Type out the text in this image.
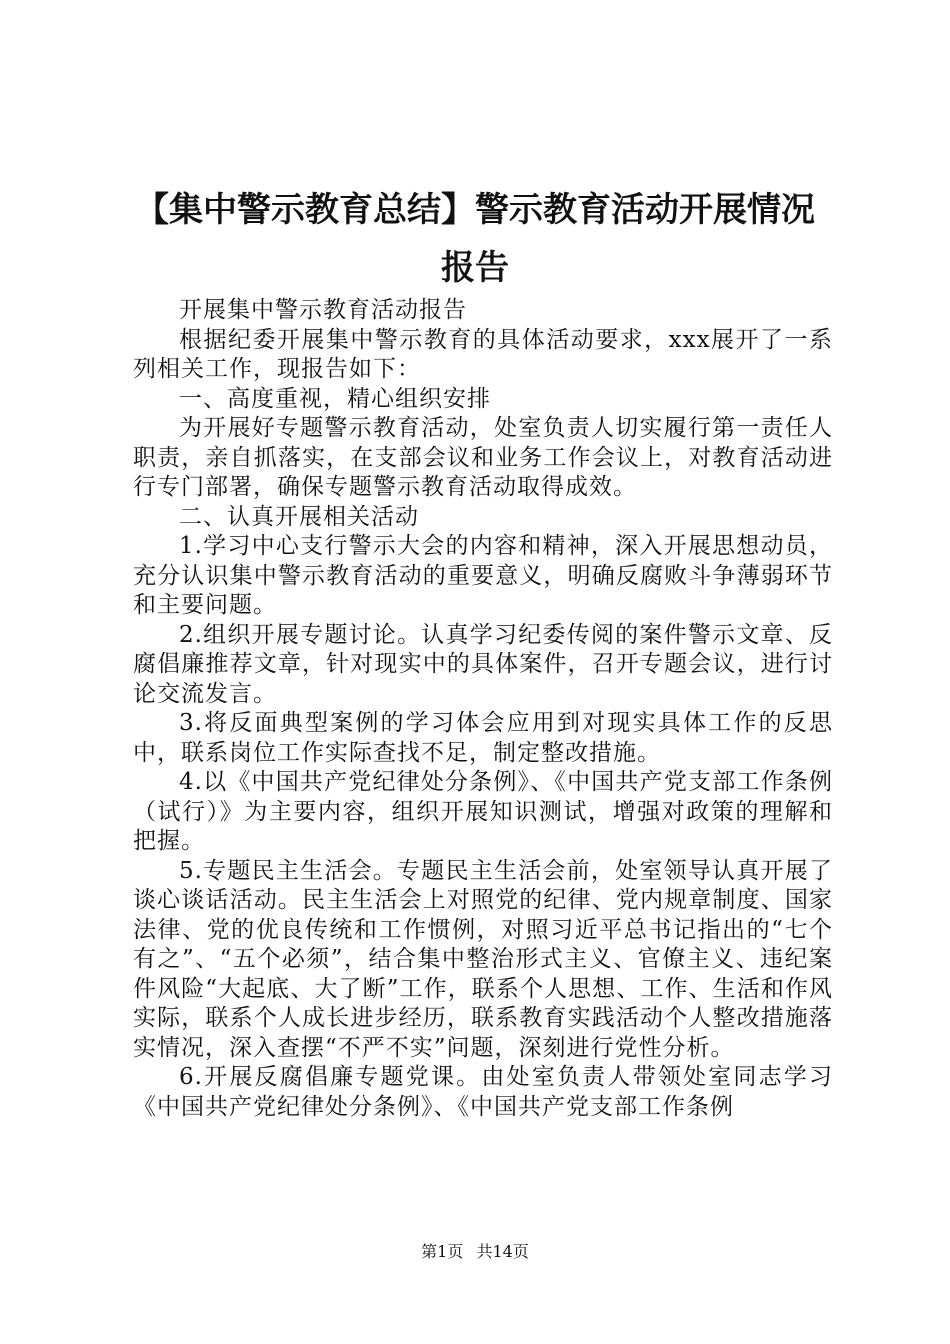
【集中警示教育总结】警示教育活动开展情况
报告

开展集中警示教育活动报告

根据纪委开展集中警示教育的具体活动要求，xxx展开了一系列相关工作，现报告如下：

一、高度重视，精心组织安排

为开展好专题警示教育活动，处室负责人切实履行第一责任人职责，亲自抓落实，在支部会议和业务工作会议上，对教育活动进行专门部署，确保专题警示教育活动取得成效。

二、认真开展相关活动

1.学习中心支行警示大会的内容和精神，深入开展思想动员，充分认识集中警示教育活动的重要意义，明确反腐败斗争薄弱环节和主要问题。

2.组织开展专题讨论。认真学习纪委传阅的案件警示文章、反腐倡廉推荐文章，针对现实中的具体案件，召开专题会议，进行讨论交流发言。

3.将反面典型案例的学习体会应用到对现实具体工作的反思中，联系岗位工作实际查找不足，制定整改措施。

4.以《中国共产党纪律处分条例》、《中国共产党支部工作条例（试行）》为主要内容，组织开展知识测试，增强对政策的理解和把握。

5.专题民主生活会。专题民主生活会前，处室领导认真开展了谈心谈话活动。民主生活会上对照党的纪律、党内规章制度、国家法律、党的优良传统和工作惯例，对照习近平总书记指出的“七个有之”、“五个必须”，结合集中整治形式主义、官僚主义、违纪案件风险“大起底、大了断”工作，联系个人思想、工作、生活和作风实际，联系个人成长进步经历，联系教育实践活动个人整改措施落实情况，深入查摆“不严不实”问题，深刻进行党性分析。

6.开展反腐倡廉专题党课。由处室负责人带领处室同志学习《中国共产党纪律处分条例》、《中国共产党支部工作条例

第1页 共14页
